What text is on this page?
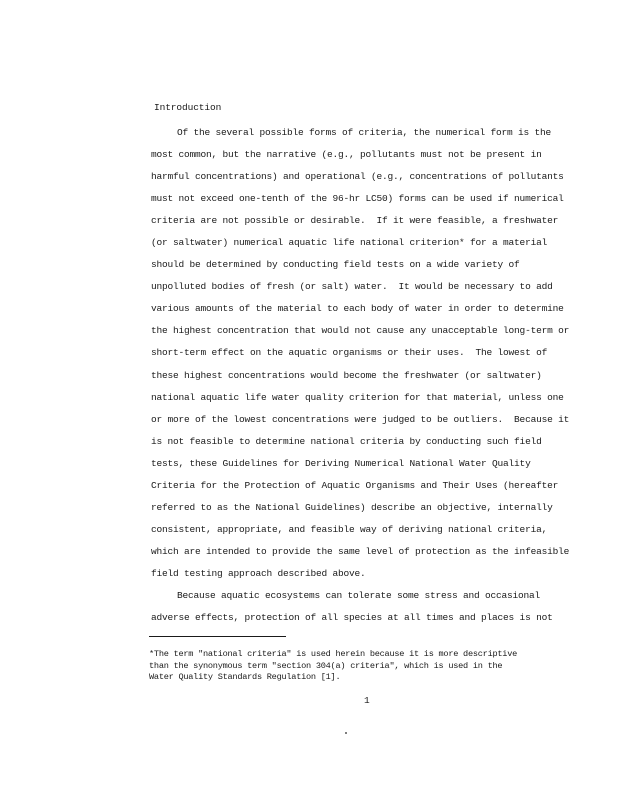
Introduction
Of the several possible forms of criteria, the numerical form is the
most common, but the narrative (e.g., pollutants must not be present in
harmful concentrations) and operational (e.g., concentrations of pollutants
must not exceed one-tenth of the 96-hr LC50) forms can be used if numerical
criteria are not possible or desirable.  If it were feasible, a freshwater
(or saltwater) numerical aquatic life national criterion* for a material
should be determined by conducting field tests on a wide variety of
unpolluted bodies of fresh (or salt) water.  It would be necessary to add
various amounts of the material to each body of water in order to determine
the highest concentration that would not cause any unacceptable long-term or
short-term effect on the aquatic organisms or their uses.  The lowest of
these highest concentrations would become the freshwater (or saltwater)
national aquatic life water quality criterion for that material, unless one
or more of the lowest concentrations were judged to be outliers.  Because it
is not feasible to determine national criteria by conducting such field
tests, these Guidelines for Deriving Numerical National Water Quality
Criteria for the Protection of Aquatic Organisms and Their Uses (hereafter
referred to as the National Guidelines) describe an objective, internally
consistent, appropriate, and feasible way of deriving national criteria,
which are intended to provide the same level of protection as the infeasible
field testing approach described above.
Because aquatic ecosystems can tolerate some stress and occasional
adverse effects, protection of all species at all times and places is not
*The term "national criteria" is used herein because it is more descriptive
than the synonymous term "section 304(a) criteria", which is used in the
Water Quality Standards Regulation [1].
1
